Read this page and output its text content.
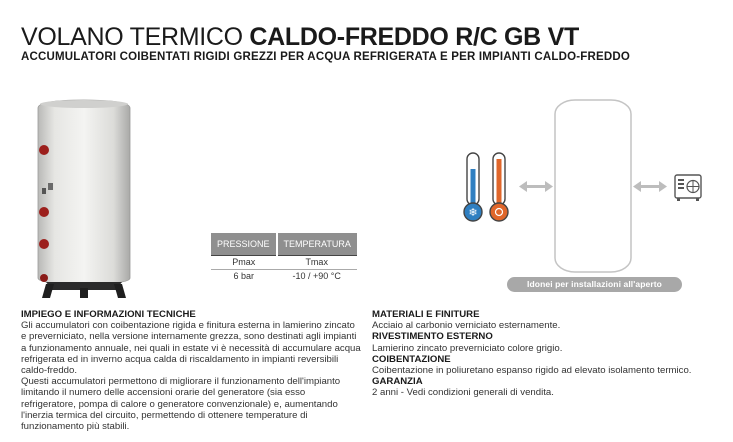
VOLANO TERMICO CALDO-FREDDO R/C GB VT
ACCUMULATORI COIBENTATI RIGIDI GREZZI PER ACQUA REFRIGERATA E PER IMPIANTI CALDO-FREDDO
PRESSIONE	TEMPERATURA
Pmax	Tmax
6 bar	-10 / +90 °C
❄
Idonei per installazioni all'aperto
IMPIEGO E INFORMAZIONI TECNICHE

Gli accumulatori con coibentazione rigida e finitura esterna in lamierino zincato e preverniciato, nella versione internamente grezza, sono destinati agli impianti a funzionamento annuale, nei quali in estate vi è necessità di accumulare acqua refrigerata ed in inverno acqua calda di riscaldamento in impianti reversibili caldo-freddo.

Questi accumulatori permettono di migliorare il funzionamento dell'impianto limitando il numero delle accensioni orarie del generatore (sia esso refrigeratore, pompa di calore o generatore convenzionale) e, aumentando l'inerzia termica del circuito, permettendo di ottenere temperature di funzionamento più stabili.

MATERIALI E FINITURE

Acciaio al carbonio verniciato esternamente.

RIVESTIMENTO ESTERNO

Lamierino zincato preverniciato colore grigio.

COIBENTAZIONE

Coibentazione in poliuretano espanso rigido ad elevato isolamento termico.

GARANZIA

2 anni - Vedi condizioni generali di vendita.
